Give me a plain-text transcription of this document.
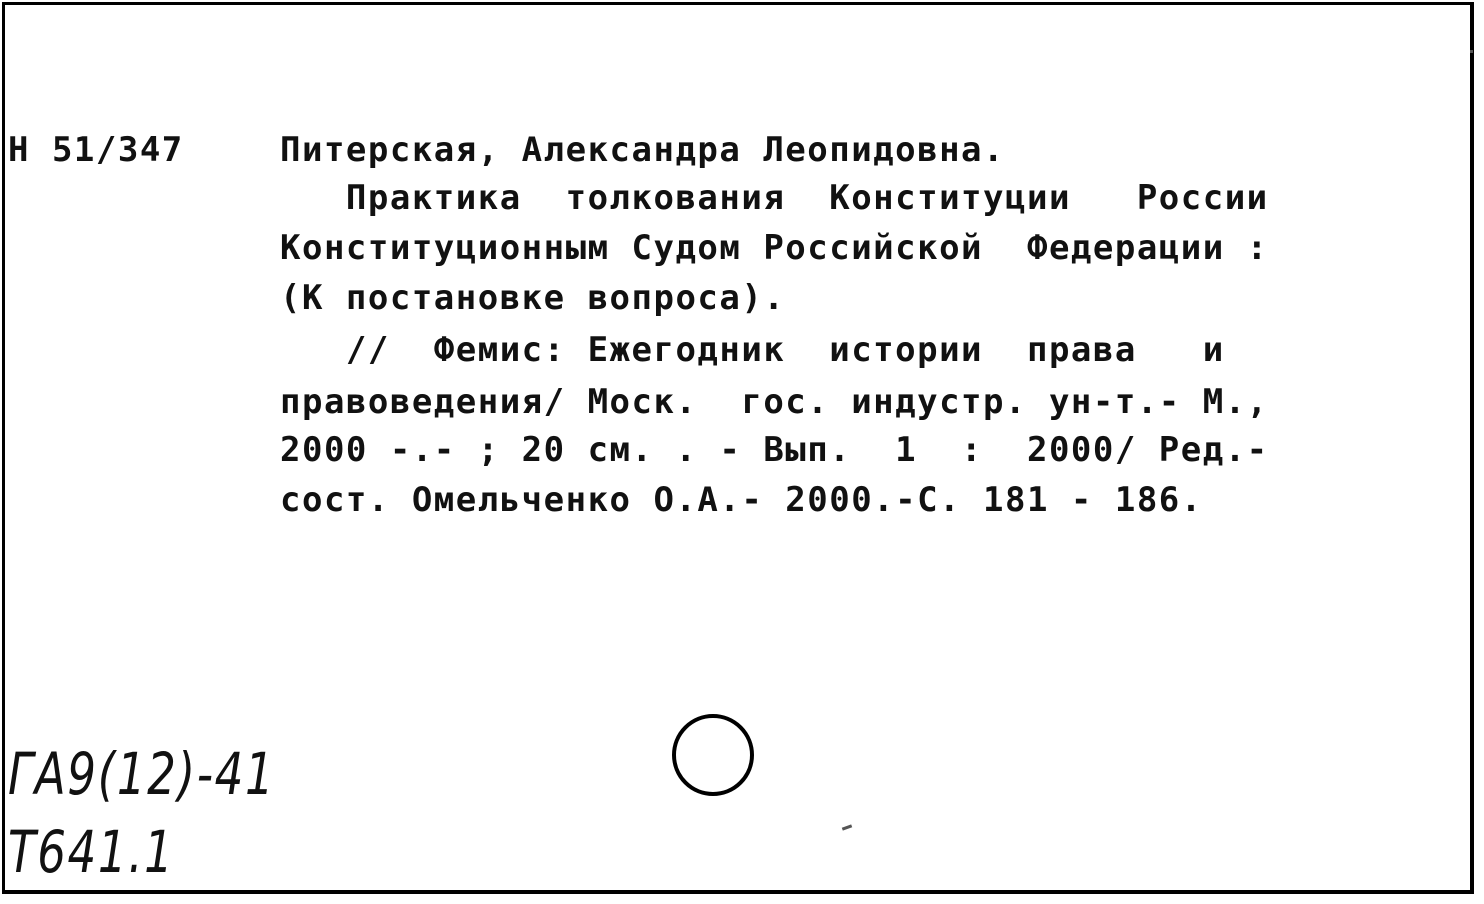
Н 51/347	Питерская, Александра Леопидовна.
Практика  толкования  Конституции   России
Конституционным Судом Российской  Федерации :
(К постановке вопроса).
//  Фемис: Ежегодник  истории  права   и
правоведения/ Моск.  гос. индустр. ун-т.- М.,
2000 -.- ; 20 см. . - Вып.  1  :  2000/ Ред.-
сост. Омельченко О.А.- 2000.-С. 181 - 186.
ГА9(12)-41
Т641.1
